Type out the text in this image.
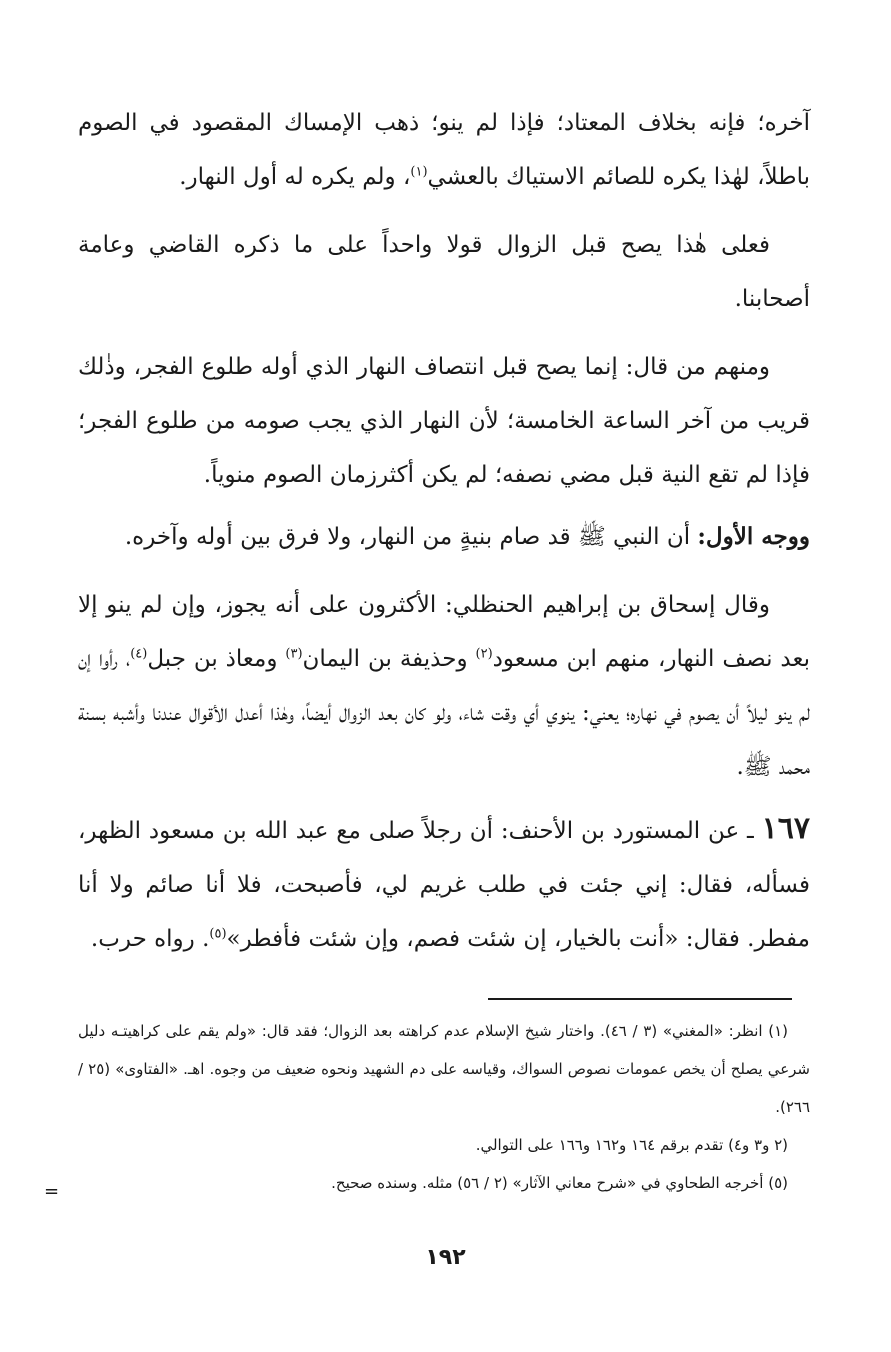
آخره؛ فإنه بخلاف المعتاد؛ فإذا لم ينو؛ ذهب الإمساك المقصود في الصوم باطلاً، لهٰذا يكره للصائم الاستياك بالعشي$^{(١)}$، ولم يكره له أول النهار.

فعلى هٰذا يصح قبل الزوال قولا واحداً على ما ذكره القاضي وعامة أصحابنا.

ومنهم من قال: إنما يصح قبل انتصاف النهار الذي أوله طلوع الفجر، وذٰلك قريب من آخر الساعة الخامسة؛ لأن النهار الذي يجب صومه من طلوع الفجر؛ فإذا لم تقع النية قبل مضي نصفه؛ لم يكن أكثرزمان الصوم منوياً.

ووجه الأول: أن النبي ﷺ قد صام بنيةٍ من النهار، ولا فرق بين أوله وآخره.

وقال إسحاق بن إبراهيم الحنظلي: الأكثرون على أنه يجوز، وإن لم ينو إلا بعد نصف النهار، منهم ابن مسعود$^{(٢)}$ وحذيفة بن اليمان$^{(٣)}$ ومعاذ بن جبل$^{(٤)}$، رأوا إن لم ينو ليلاً أن يصوم في نهاره؛ يعني: ينوي أي وقت شاء، ولو كان بعد الزوال أيضاً، وهٰذا أعدل الأقوال عندنا وأشبه بسنة محمد ﷺ.

١٦٧ ـ عن المستورد بن الأحنف: أن رجلاً صلى مع عبد الله بن مسعود الظهر، فسأله، فقال: إني جئت في طلب غريم لي، فأصبحت، فلا أنا صائم ولا أنا مفطر. فقال: «أنت بالخيار، إن شئت فصم، وإن شئت فأفطر»$^{(٥)}$. رواه حرب.

(١) انظر: «المغني» (٣ / ٤٦). واختار شيخ الإسلام عدم كراهته بعد الزوال؛ فقد قال: «ولم يقم على كراهيتـه دليل شرعي يصلح أن يخص عمومات نصوص السواك، وقياسه على دم الشهيد ونحوه ضعيف من وجوه. اهـ. «الفتاوى» (٢٥ / ٢٦٦).

(٢ و٣ و٤) تقدم برقم ١٦٤ و١٦٢ و١٦٦ على التوالي.

(٥) أخرجه الطحاوي في «شرح معاني الآثار» (٢ / ٥٦) مثله. وسنده صحيح.

=
١٩٢
